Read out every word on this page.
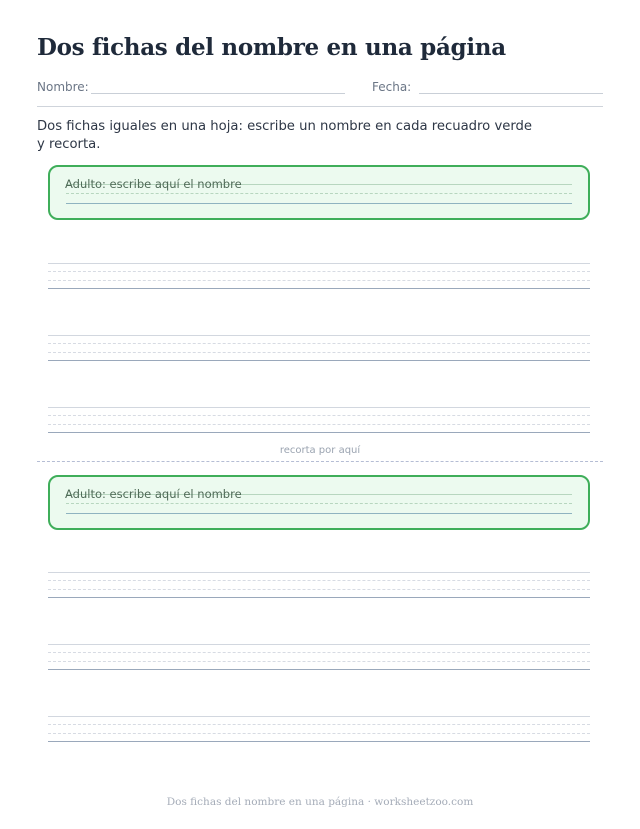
Dos fichas del nombre en una página
Nombre:	Fecha:

Dos fichas iguales en una hoja: escribe un nombre en cada recuadro verde y recorta.

Adulto: escribe aquí el nombre
recorta por aquí
Adulto: escribe aquí el nombre
Dos fichas del nombre en una página · worksheetzoo.com
